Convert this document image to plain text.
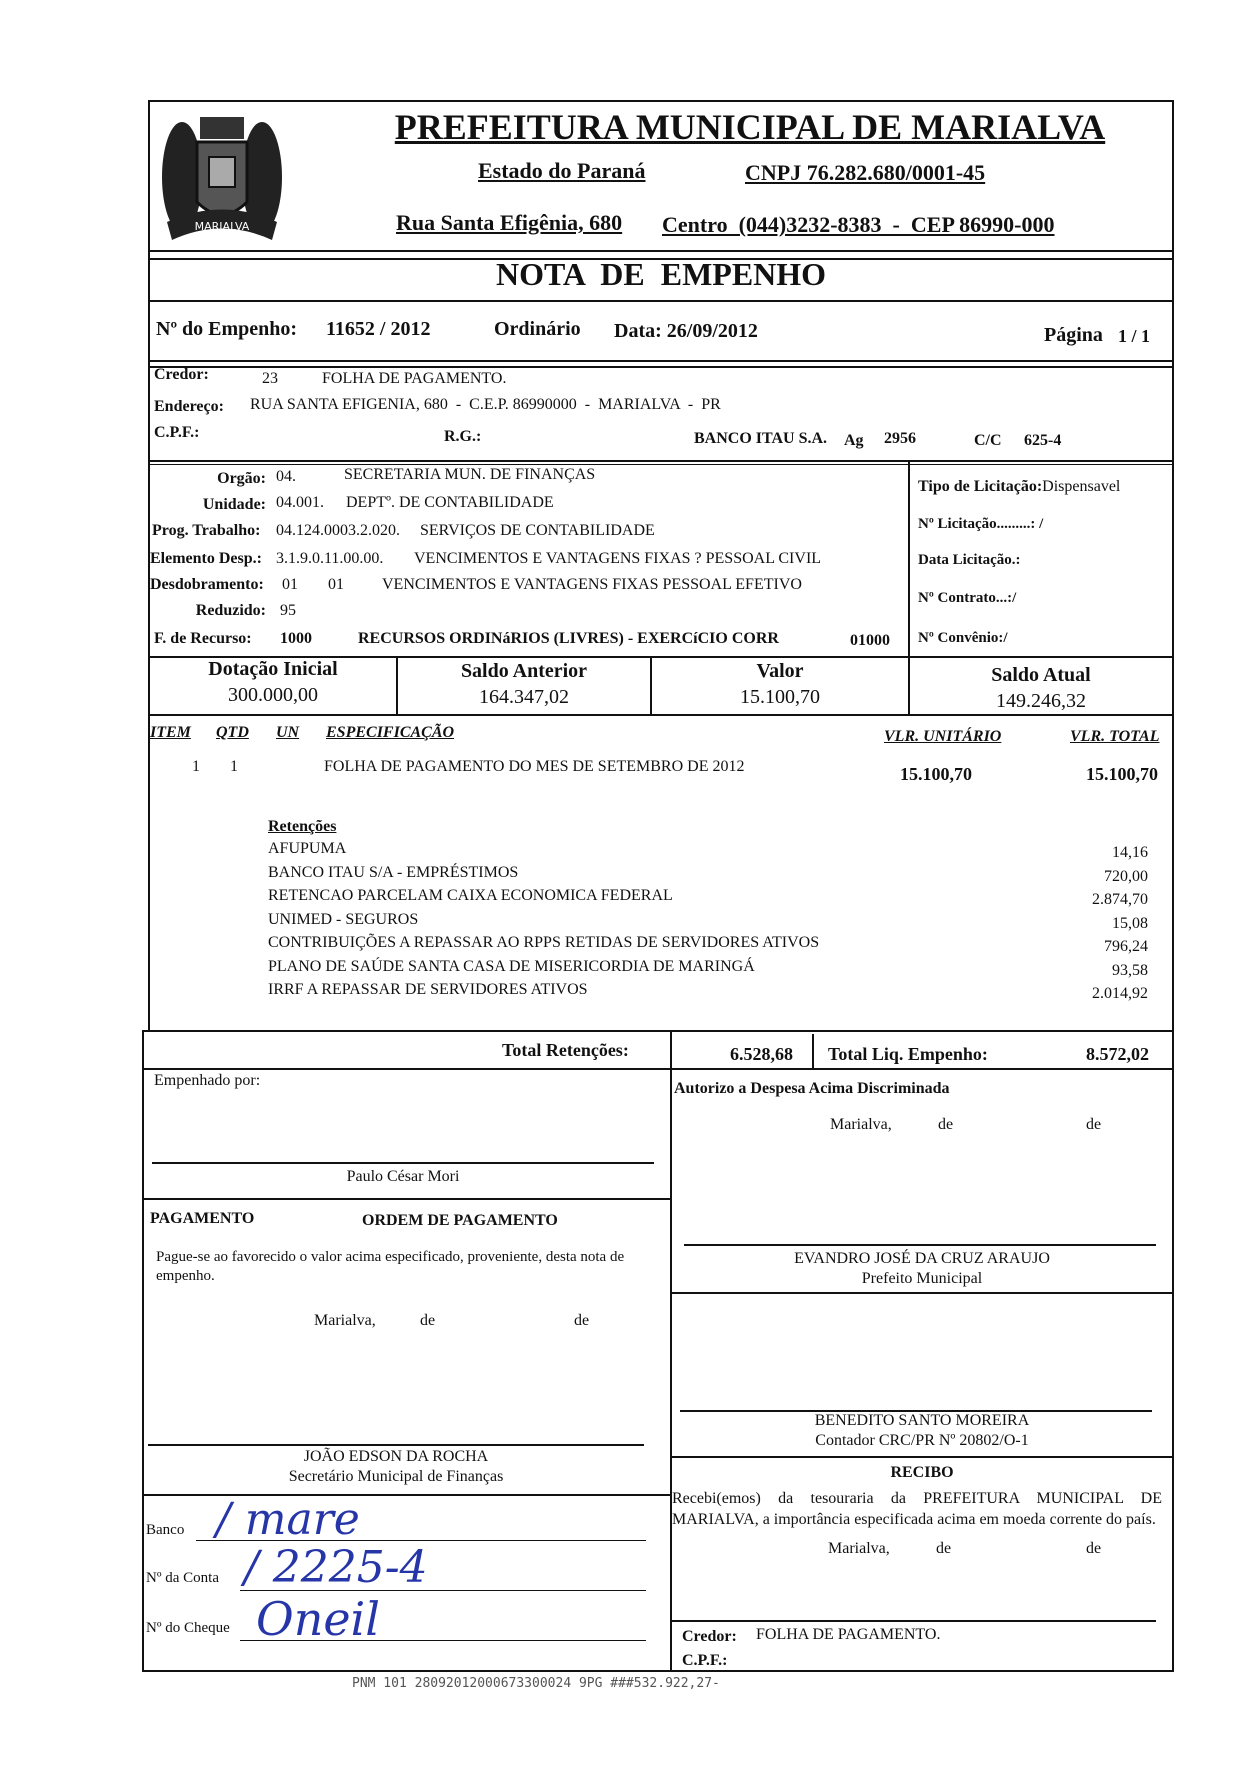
MARIALVA
PREFEITURA MUNICIPAL DE MARIALVA
Estado do Paraná	CNPJ 76.282.680/0001-45
Rua Santa Efigênia, 680 Centro  (044)3232-8383  -  CEP 86990-000
NOTA  DE  EMPENHO
Nº do Empenho: 11652 / 2012	Ordinário Data: 26/09/2012	Página 1 / 1
Credor:	23	FOLHA DE PAGAMENTO.
Endereço: RUA SANTA EFIGENIA, 680  -  C.E.P. 86990000  -  MARIALVA  -  PR
C.P.F.:	R.G.:	BANCO ITAU S.A. Ag 2956	C/C 625-4
Orgão: 04.	SECRETARIA MUN. DE FINANÇAS
Unidade: 04.001. DEPTº. DE CONTABILIDADE
Prog. Trabalho: 04.124.0003.2.020. SERVIÇOS DE CONTABILIDADE
Elemento Desp.: 3.1.9.0.11.00.00. VENCIMENTOS E VANTAGENS FIXAS ? PESSOAL CIVIL
Desdobramento: 01 01 VENCIMENTOS E VANTAGENS FIXAS PESSOAL EFETIVO
Reduzido: 95
F. de Recurso: 1000	RECURSOS ORDINáRIOS (LIVRES) - EXERCíCIO CORR	01000
Tipo de Licitação:Dispensavel
Nº Licitação.........: /
Data Licitação.:
Nº Contrato...:/
Nº Convênio:/
Dotação Inicial
300.000,00
Saldo Anterior
164.347,02
Valor
15.100,70
Saldo Atual
149.246,32
ITEM QTD UN ESPECIFICAÇÃO	VLR. UNITÁRIO	VLR. TOTAL
1 1	FOLHA DE PAGAMENTO DO MES DE SETEMBRO DE 2012	15.100,70	15.100,70
Retenções
AFUPUMA	14,16
BANCO ITAU S/A - EMPRÉSTIMOS	720,00
RETENCAO PARCELAM CAIXA ECONOMICA FEDERAL	2.874,70
UNIMED - SEGUROS	15,08
CONTRIBUIÇÕES A REPASSAR AO RPPS RETIDAS DE SERVIDORES ATIVOS	796,24
PLANO DE SAÚDE SANTA CASA DE MISERICORDIA DE MARINGÁ	93,58
IRRF A REPASSAR DE SERVIDORES ATIVOS	2.014,92
Total Retenções:	6.528,68 Total Liq. Empenho:	8.572,02
Empenhado por:
Paulo César Mori
Autorizo a Despesa Acima Discriminada
Marialva,	de	de
PAGAMENTO	ORDEM DE PAGAMENTO
Pague-se ao favorecido o valor acima especificado, proveniente, desta nota de empenho.
Marialva,	de	de
EVANDRO JOSÉ DA CRUZ ARAUJO
Prefeito Municipal
BENEDITO SANTO MOREIRA
Contador CRC/PR Nº 20802/O-1
JOÃO EDSON DA ROCHA
Secretário Municipal de Finanças	RECIBO
Recebi(emos) da tesouraria da PREFEITURA MUNICIPAL DE MARIALVA, a importância especificada acima em moeda corrente do país.
Marialva,	de	de
Credor: FOLHA DE PAGAMENTO.
C.P.F.:
Banco / mare
Nº da Conta / 2225-4
Nº do Cheque Oneil
PNM 101 28092012000673300024 9PG ###532.922,27-
